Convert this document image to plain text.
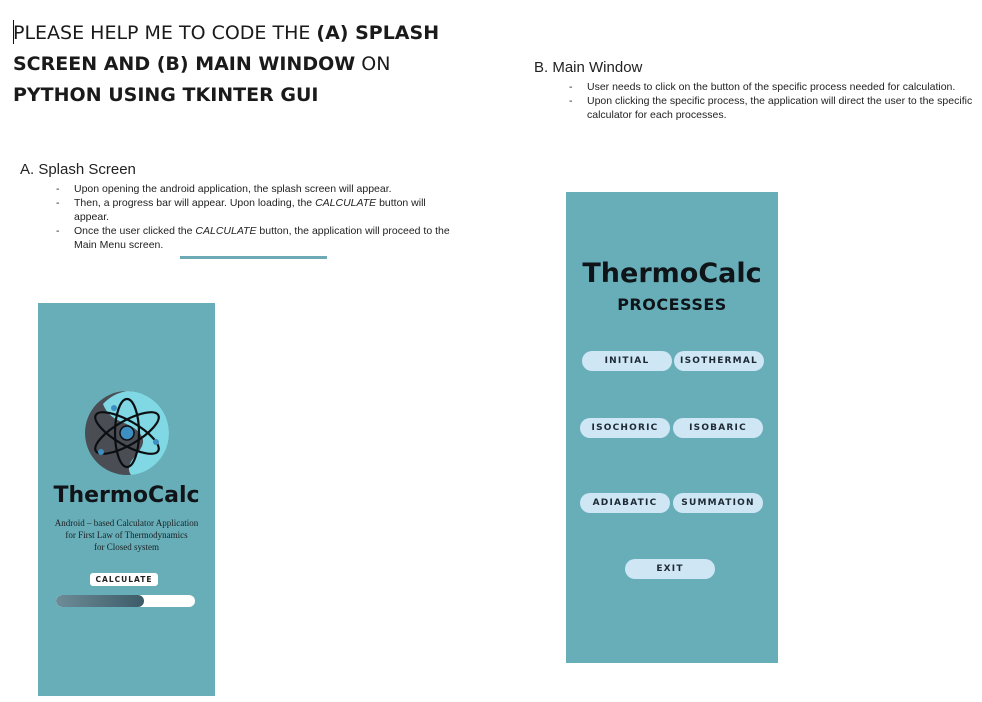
PLEASE HELP ME TO CODE THE (A) SPLASH SCREEN AND (B) MAIN WINDOW ON PYTHON USING TKINTER GUI
A. Splash Screen
- Upon opening the android application, the splash screen will appear.
- Then, a progress bar will appear. Upon loading, the CALCULATE button will appear.
- Once the user clicked the CALCULATE button, the application will proceed to the Main Menu screen.
B. Main Window
- User needs to click on the button of the specific process needed for calculation.
- Upon clicking the specific process, the application will direct the user to the specific calculator for each processes.
ThermoCalc
Android – based Calculator Application
for First Law of Thermodynamics
for Closed system
CALCULATE
ThermoCalc
PROCESSES
INITIAL	ISOTHERMAL
ISOCHORIC	ISOBARIC
ADIABATIC	SUMMATION
EXIT
